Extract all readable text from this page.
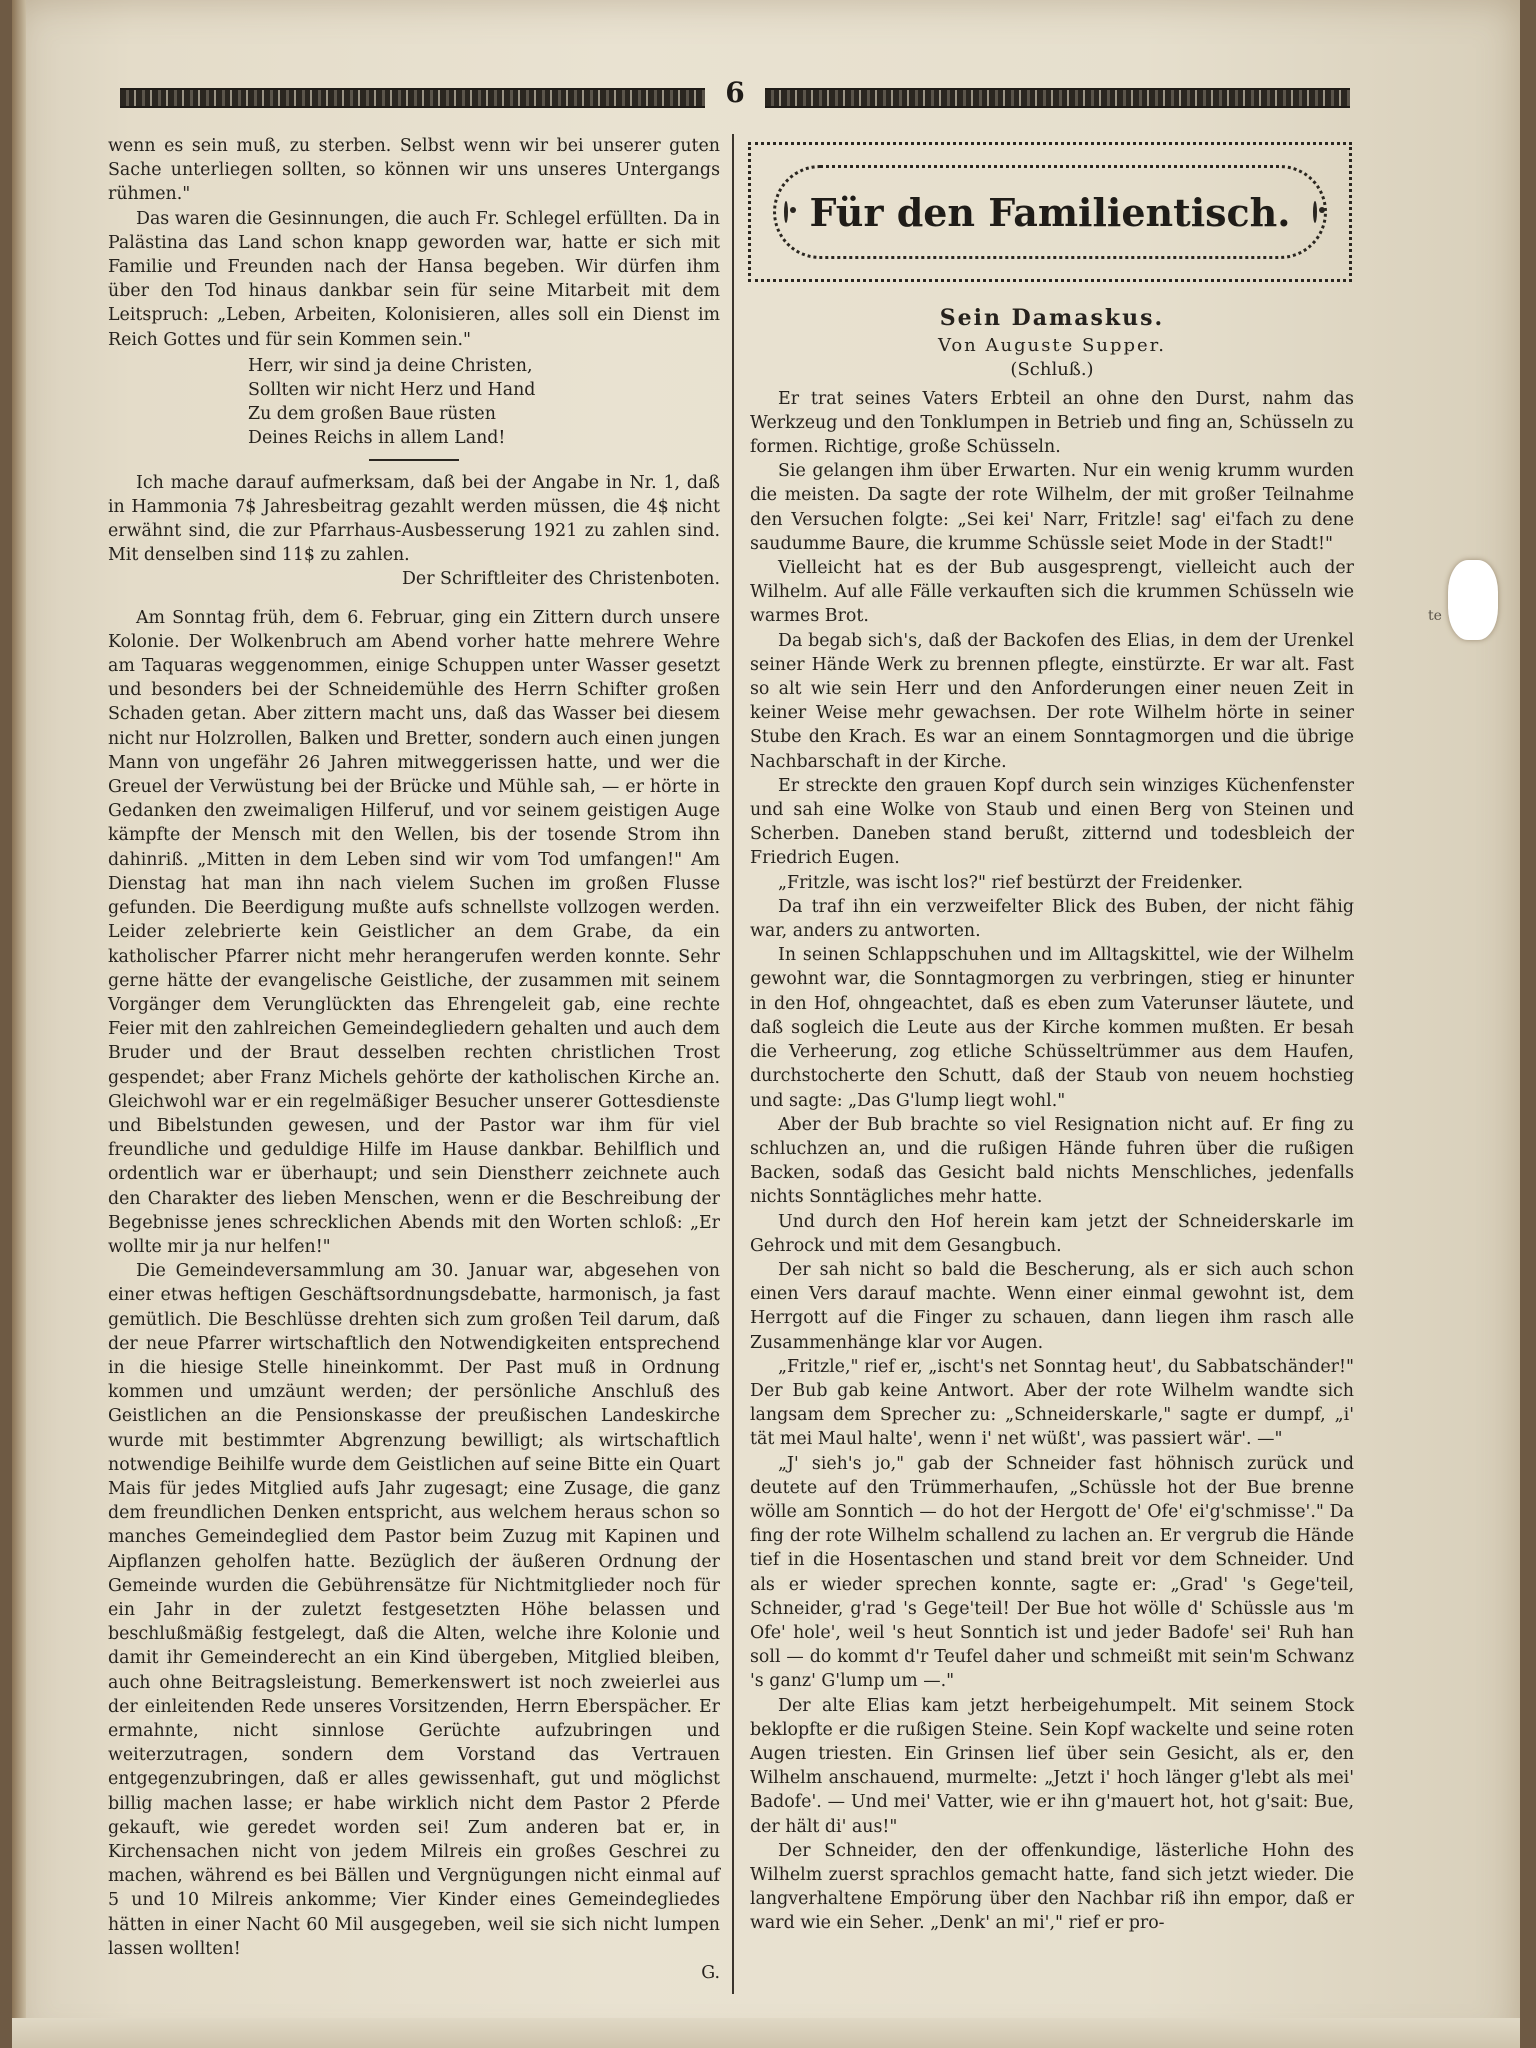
6

wenn es sein muß, zu sterben. Selbst wenn wir bei unserer guten Sache unterliegen sollten, so können wir uns unseres Untergangs rühmen."

Das waren die Gesinnungen, die auch Fr. Schlegel erfüllten. Da in Palästina das Land schon knapp geworden war, hatte er sich mit Familie und Freunden nach der Hansa begeben. Wir dürfen ihm über den Tod hinaus dankbar sein für seine Mitarbeit mit dem Leitspruch: „Leben, Arbeiten, Kolonisieren, alles soll ein Dienst im Reich Gottes und für sein Kommen sein."

Herr, wir sind ja deine Christen,
Sollten wir nicht Herz und Hand
Zu dem großen Baue rüsten
Deines Reichs in allem Land!

Ich mache darauf aufmerksam, daß bei der Angabe in Nr. 1, daß in Hammonia 7$ Jahresbeitrag gezahlt werden müssen, die 4$ nicht erwähnt sind, die zur Pfarrhaus-Ausbesserung 1921 zu zahlen sind. Mit denselben sind 11$ zu zahlen.

Der Schriftleiter des Christenboten.

Am Sonntag früh, dem 6. Februar, ging ein Zittern durch unsere Kolonie. Der Wolkenbruch am Abend vorher hatte mehrere Wehre am Taquaras weggenommen, einige Schuppen unter Wasser gesetzt und besonders bei der Schneidemühle des Herrn Schifter großen Schaden getan. Aber zittern macht uns, daß das Wasser bei diesem nicht nur Holzrollen, Balken und Bretter, sondern auch einen jungen Mann von ungefähr 26 Jahren mitweggerissen hatte, und wer die Greuel der Verwüstung bei der Brücke und Mühle sah, — er hörte in Gedanken den zweimaligen Hilferuf, und vor seinem geistigen Auge kämpfte der Mensch mit den Wellen, bis der tosende Strom ihn dahinriß. „Mitten in dem Leben sind wir vom Tod umfangen!" Am Dienstag hat man ihn nach vielem Suchen im großen Flusse gefunden. Die Beerdigung mußte aufs schnellste vollzogen werden. Leider zelebrierte kein Geistlicher an dem Grabe, da ein katholischer Pfarrer nicht mehr herangerufen werden konnte. Sehr gerne hätte der evangelische Geistliche, der zusammen mit seinem Vorgänger dem Verunglückten das Ehrengeleit gab, eine rechte Feier mit den zahlreichen Gemeindegliedern gehalten und auch dem Bruder und der Braut desselben rechten christlichen Trost gespendet; aber Franz Michels gehörte der katholischen Kirche an. Gleichwohl war er ein regelmäßiger Besucher unserer Gottesdienste und Bibelstunden gewesen, und der Pastor war ihm für viel freundliche und geduldige Hilfe im Hause dankbar. Behilflich und ordentlich war er überhaupt; und sein Dienstherr zeichnete auch den Charakter des lieben Menschen, wenn er die Beschreibung der Begebnisse jenes schrecklichen Abends mit den Worten schloß: „Er wollte mir ja nur helfen!"

Die Gemeindeversammlung am 30. Januar war, abgesehen von einer etwas heftigen Geschäftsordnungsdebatte, harmonisch, ja fast gemütlich. Die Beschlüsse drehten sich zum großen Teil darum, daß der neue Pfarrer wirtschaftlich den Notwendigkeiten entsprechend in die hiesige Stelle hineinkommt. Der Past muß in Ordnung kommen und umzäunt werden; der persönliche Anschluß des Geistlichen an die Pensionskasse der preußischen Landeskirche wurde mit bestimmter Abgrenzung bewilligt; als wirtschaftlich notwendige Beihilfe wurde dem Geistlichen auf seine Bitte ein Quart Mais für jedes Mitglied aufs Jahr zugesagt; eine Zusage, die ganz dem freundlichen Denken entspricht, aus welchem heraus schon so manches Gemeindeglied dem Pastor beim Zuzug mit Kapinen und Aipflanzen geholfen hatte. Bezüglich der äußeren Ordnung der Gemeinde wurden die Gebührensätze für Nichtmitglieder noch für ein Jahr in der zuletzt festgesetzten Höhe belassen und beschlußmäßig festgelegt, daß die Alten, welche ihre Kolonie und damit ihr Gemeinderecht an ein Kind übergeben, Mitglied bleiben, auch ohne Beitragsleistung. Bemerkenswert ist noch zweierlei aus der einleitenden Rede unseres Vorsitzenden, Herrn Eberspächer. Er ermahnte, nicht sinnlose Gerüchte aufzubringen und weiterzutragen, sondern dem Vorstand das Vertrauen entgegenzubringen, daß er alles gewissenhaft, gut und möglichst billig machen lasse; er habe wirklich nicht dem Pastor 2 Pferde gekauft, wie geredet worden sei! Zum anderen bat er, in Kirchensachen nicht von jedem Milreis ein großes Geschrei zu machen, während es bei Bällen und Vergnügungen nicht einmal auf 5 und 10 Milreis ankomme; Vier Kinder eines Gemeindegliedes hätten in einer Nacht 60 Mil ausgegeben, weil sie sich nicht lumpen lassen wollten!

G.
Für den Familientisch.
Sein Damaskus.
Von Auguste Supper.
(Schluß.)

Er trat seines Vaters Erbteil an ohne den Durst, nahm das Werkzeug und den Tonklumpen in Betrieb und fing an, Schüsseln zu formen. Richtige, große Schüsseln.

Sie gelangen ihm über Erwarten. Nur ein wenig krumm wurden die meisten. Da sagte der rote Wilhelm, der mit großer Teilnahme den Versuchen folgte: „Sei kei' Narr, Fritzle! sag' ei'fach zu dene saudumme Baure, die krumme Schüssle seiet Mode in der Stadt!"

Vielleicht hat es der Bub ausgesprengt, vielleicht auch der Wilhelm. Auf alle Fälle verkauften sich die krummen Schüsseln wie warmes Brot.

Da begab sich's, daß der Backofen des Elias, in dem der Urenkel seiner Hände Werk zu brennen pflegte, einstürzte. Er war alt. Fast so alt wie sein Herr und den Anforderungen einer neuen Zeit in keiner Weise mehr gewachsen. Der rote Wilhelm hörte in seiner Stube den Krach. Es war an einem Sonntagmorgen und die übrige Nachbarschaft in der Kirche.

Er streckte den grauen Kopf durch sein winziges Küchenfenster und sah eine Wolke von Staub und einen Berg von Steinen und Scherben. Daneben stand berußt, zitternd und todesbleich der Friedrich Eugen.

„Fritzle, was ischt los?" rief bestürzt der Freidenker.

Da traf ihn ein verzweifelter Blick des Buben, der nicht fähig war, anders zu antworten.

In seinen Schlappschuhen und im Alltagskittel, wie der Wilhelm gewohnt war, die Sonntagmorgen zu verbringen, stieg er hinunter in den Hof, ohngeachtet, daß es eben zum Vaterunser läutete, und daß sogleich die Leute aus der Kirche kommen mußten. Er besah die Verheerung, zog etliche Schüsseltrümmer aus dem Haufen, durchstocherte den Schutt, daß der Staub von neuem hochstieg und sagte: „Das G'lump liegt wohl."

Aber der Bub brachte so viel Resignation nicht auf. Er fing zu schluchzen an, und die rußigen Hände fuhren über die rußigen Backen, sodaß das Gesicht bald nichts Menschliches, jedenfalls nichts Sonntägliches mehr hatte.

Und durch den Hof herein kam jetzt der Schneiderskarle im Gehrock und mit dem Gesangbuch.

Der sah nicht so bald die Bescherung, als er sich auch schon einen Vers darauf machte. Wenn einer einmal gewohnt ist, dem Herrgott auf die Finger zu schauen, dann liegen ihm rasch alle Zusammenhänge klar vor Augen.

„Fritzle," rief er, „ischt's net Sonntag heut', du Sabbatschänder!" Der Bub gab keine Antwort. Aber der rote Wilhelm wandte sich langsam dem Sprecher zu: „Schneiderskarle," sagte er dumpf, „i' tät mei Maul halte', wenn i' net wüßt', was passiert wär'. —"

„J' sieh's jo," gab der Schneider fast höhnisch zurück und deutete auf den Trümmerhaufen, „Schüssle hot der Bue brenne wölle am Sonntich — do hot der Hergott de' Ofe' ei'g'schmisse'." Da fing der rote Wilhelm schallend zu lachen an. Er vergrub die Hände tief in die Hosentaschen und stand breit vor dem Schneider. Und als er wieder sprechen konnte, sagte er: „Grad' 's Gege'teil, Schneider, g'rad 's Gege'teil! Der Bue hot wölle d' Schüssle aus 'm Ofe' hole', weil 's heut Sonntich ist und jeder Badofe' sei' Ruh han soll — do kommt d'r Teufel daher und schmeißt mit sein'm Schwanz 's ganz' G'lump um —."

Der alte Elias kam jetzt herbeigehumpelt. Mit seinem Stock beklopfte er die rußigen Steine. Sein Kopf wackelte und seine roten Augen triesten. Ein Grinsen lief über sein Gesicht, als er, den Wilhelm anschauend, murmelte: „Jetzt i' hoch länger g'lebt als mei' Badofe'. — Und mei' Vatter, wie er ihn g'mauert hot, hot g'sait: Bue, der hält di' aus!"

Der Schneider, den der offenkundige, lästerliche Hohn des Wilhelm zuerst sprachlos gemacht hatte, fand sich jetzt wieder. Die langverhaltene Empörung über den Nachbar riß ihn empor, daß er ward wie ein Seher. „Denk' an mi'," rief er pro-

te
